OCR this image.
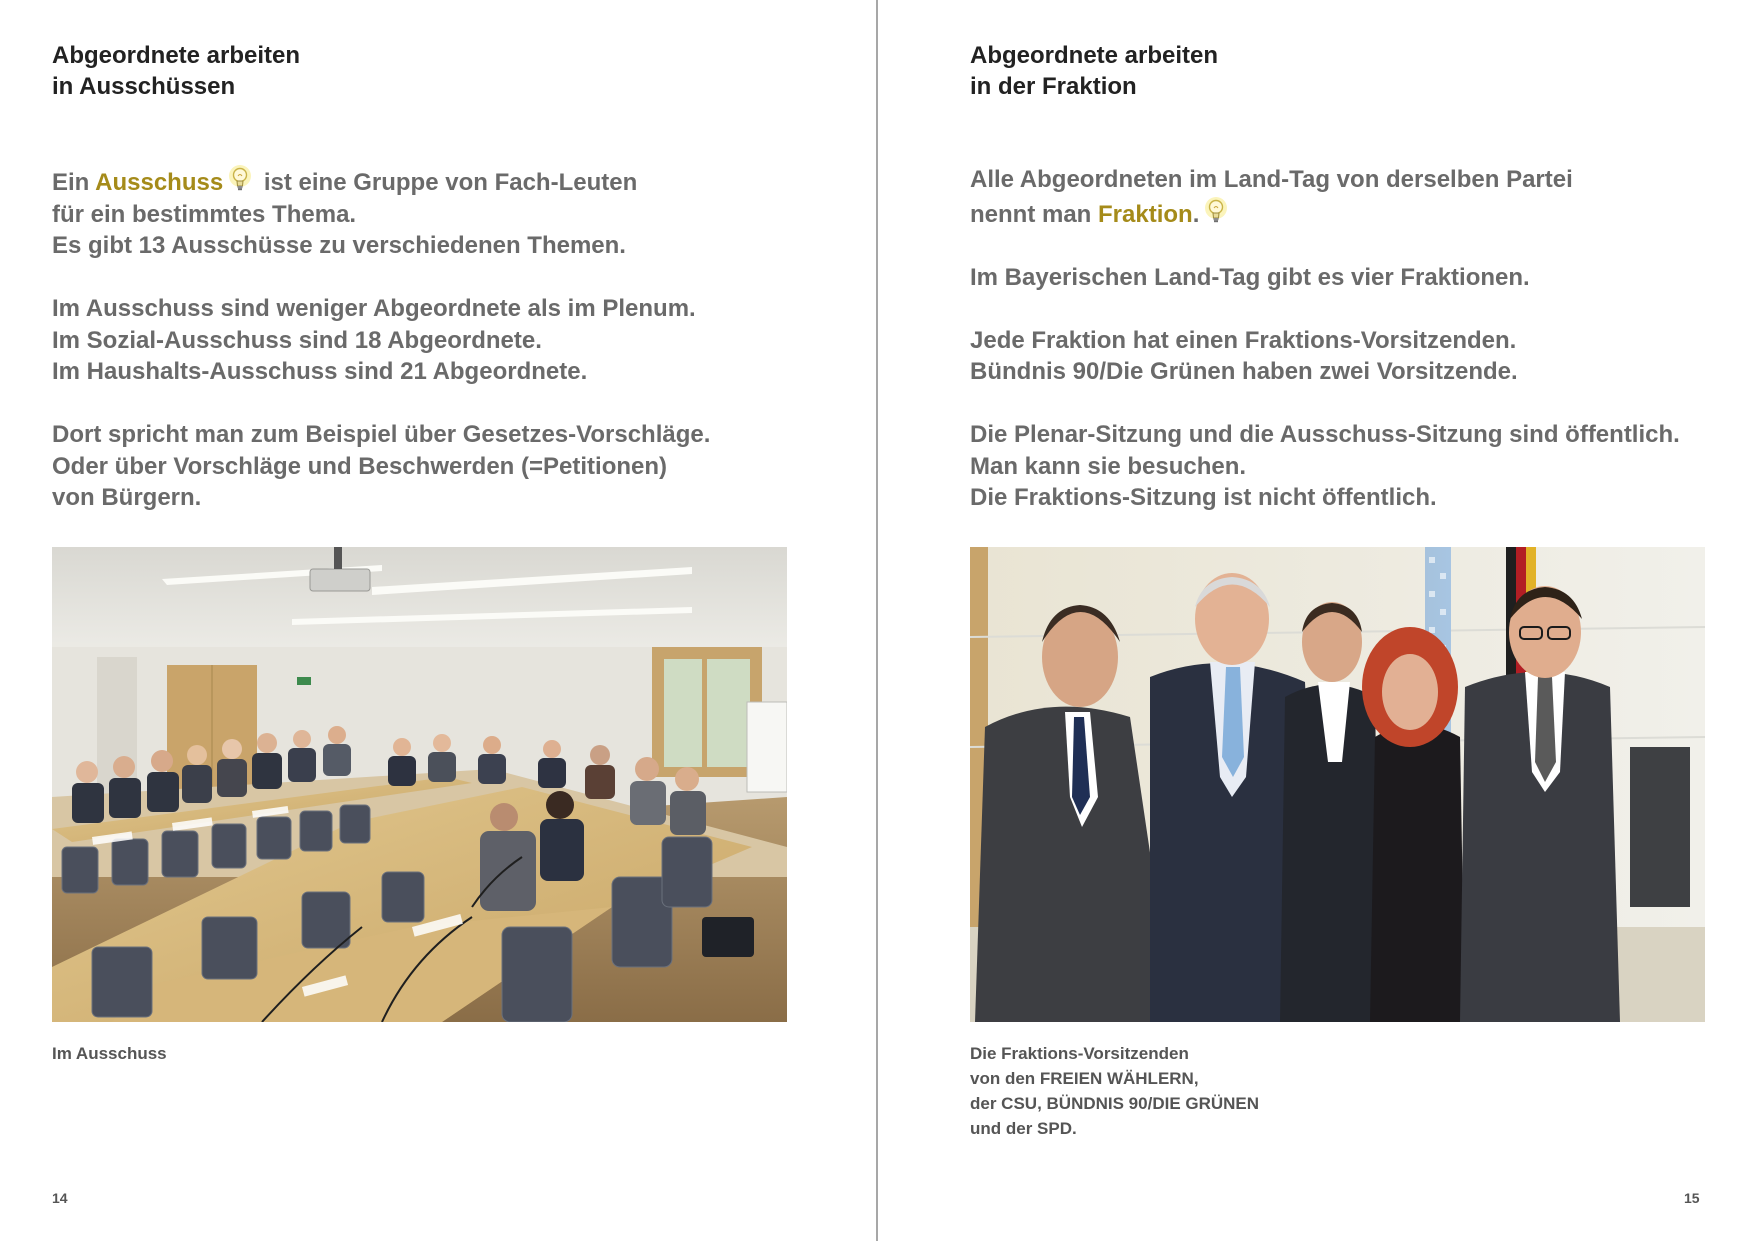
Abgeordnete arbeiten
in Ausschüssen
Ein Ausschuss ist eine Gruppe von Fach-Leuten
für ein bestimmtes Thema.
Es gibt 13 Ausschüsse zu verschiedenen Themen.
Im Ausschuss sind weniger Abgeordnete als im Plenum.
Im Sozial-Ausschuss sind 18 Abgeordnete.
Im Haushalts-Ausschuss sind 21 Abgeordnete.
Dort spricht man zum Beispiel über Gesetzes-Vorschläge.
Oder über Vorschläge und Beschwerden (=Petitionen)
von Bürgern.
Im Ausschuss
14
Abgeordnete arbeiten
in der Fraktion
Alle Abgeordneten im Land-Tag von derselben Partei
nennt man Fraktion.
Im Bayerischen Land-Tag gibt es vier Fraktionen.
Jede Fraktion hat einen Fraktions-Vorsitzenden.
Bündnis 90/Die Grünen haben zwei Vorsitzende.
Die Plenar-Sitzung und die Ausschuss-Sitzung sind öffentlich.
Man kann sie besuchen.
Die Fraktions-Sitzung ist nicht öffentlich.
Die Fraktions-Vorsitzenden
von den FREIEN WÄHLERN,
der CSU, BÜNDNIS 90/DIE GRÜNEN
und der SPD.
15
